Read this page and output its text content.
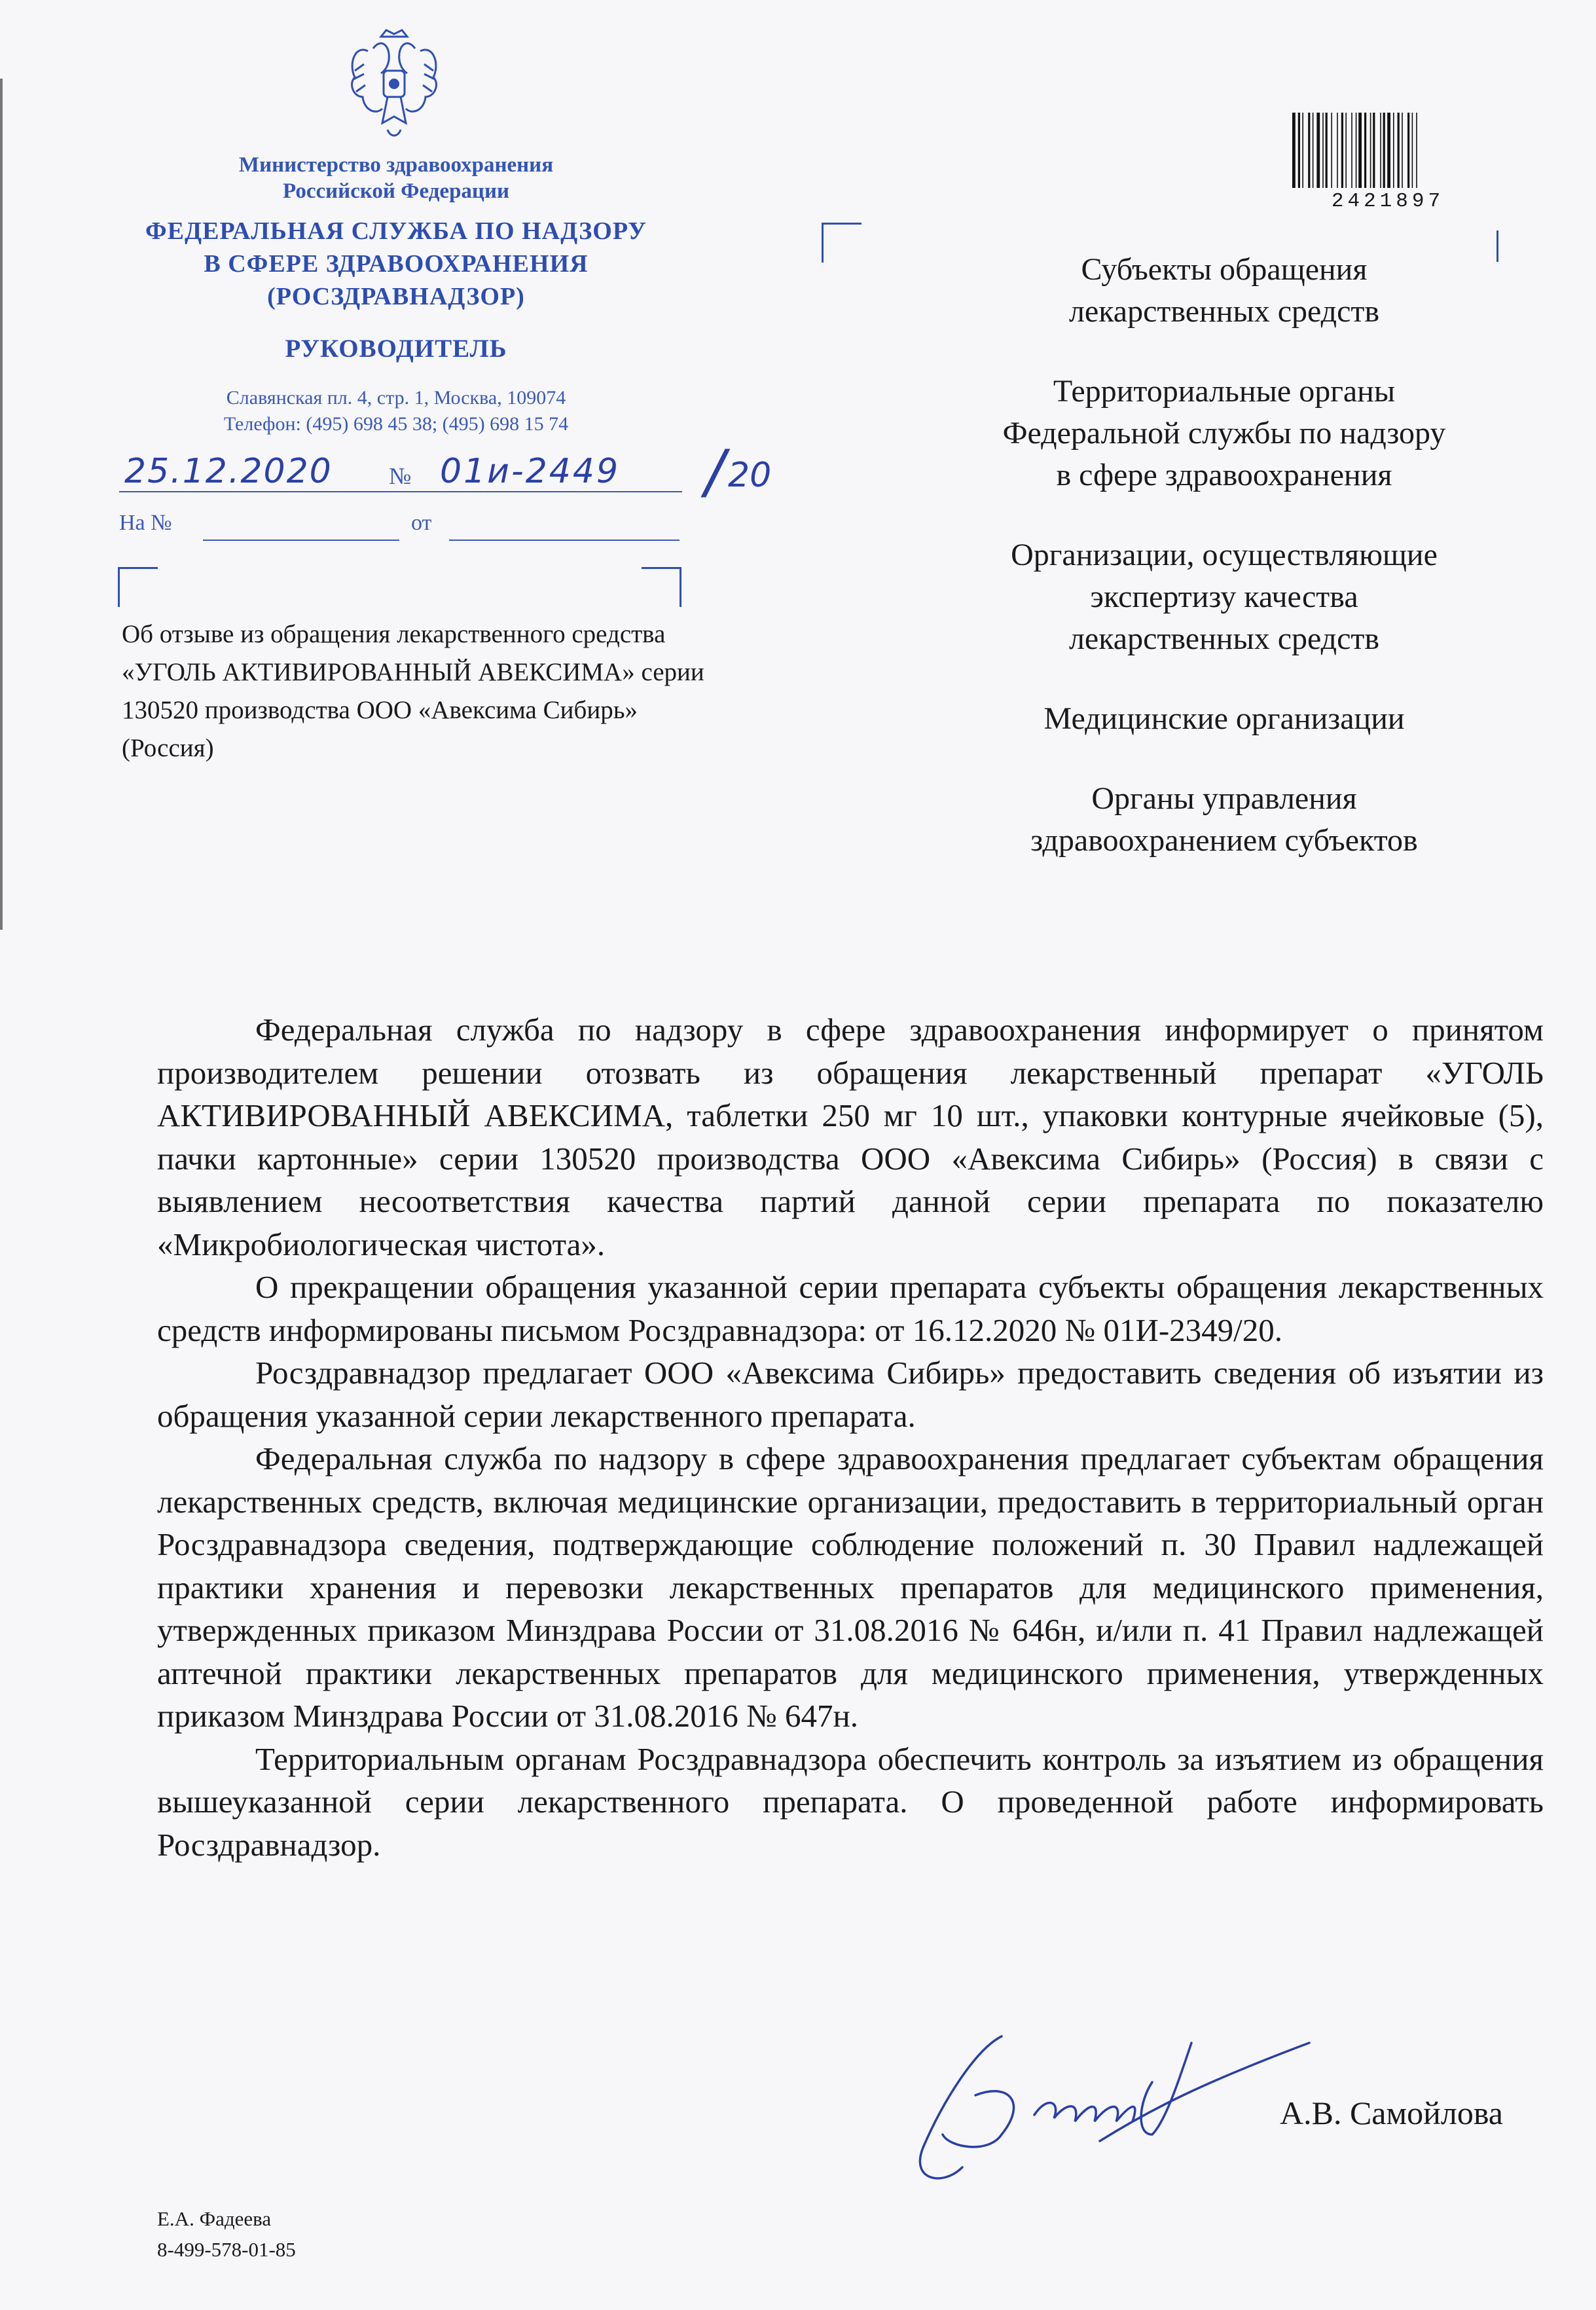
Министерство здравоохранения
Российской Федерации
ФЕДЕРАЛЬНАЯ СЛУЖБА ПО НАДЗОРУ
В СФЕРЕ ЗДРАВООХРАНЕНИЯ
(РОСЗДРАВНАДЗОР)
РУКОВОДИТЕЛЬ
Славянская пл. 4, стр. 1, Москва, 109074
Телефон: (495) 698 45 38; (495) 698 15 74
25.12.2020 № 01и-2449 / 20
На №	от
Об отзыве из обращения лекарственного средства «УГОЛЬ АКТИВИРОВАННЫЙ АВЕКСИМА» серии 130520 производства ООО «Авексима Сибирь» (Россия)
2421897

Субъекты обращения
лекарственных средств

Территориальные органы
Федеральной службы по надзору
в сфере здравоохранения

Организации, осуществляющие
экспертизу качества
лекарственных средств

Медицинские организации

Органы управления
здравоохранением субъектов

Федеральная служба по надзору в сфере здравоохранения информирует о принятом производителем решении отозвать из обращения лекарственный препарат «УГОЛЬ АКТИВИРОВАННЫЙ АВЕКСИМА, таблетки 250 мг 10 шт., упаковки контурные ячейковые (5), пачки картонные» серии 130520 производства ООО «Авексима Сибирь» (Россия) в связи с выявлением несоответствия качества партий данной серии препарата по показателю «Микробиологическая чистота».

О прекращении обращения указанной серии препарата субъекты обращения лекарственных средств информированы письмом Росздравнадзора: от 16.12.2020 № 01И-2349/20.

Росздравнадзор предлагает ООО «Авексима Сибирь» предоставить сведения об изъятии из обращения указанной серии лекарственного препарата.

Федеральная служба по надзору в сфере здравоохранения предлагает субъектам обращения лекарственных средств, включая медицинские организации, предоставить в территориальный орган Росздравнадзора сведения, подтверждающие соблюдение положений п. 30 Правил надлежащей практики хранения и перевозки лекарственных препаратов для медицинского применения, утвержденных приказом Минздрава России от 31.08.2016 № 646н, и/или п. 41 Правил надлежащей аптечной практики лекарственных препаратов для медицинского применения, утвержденных приказом Минздрава России от 31.08.2016 № 647н.

Территориальным органам Росздравнадзора обеспечить контроль за изъятием из обращения вышеуказанной серии лекарственного препарата. О проведенной работе информировать Росздравнадзор.

А.В. Самойлова
Е.А. Фадеева
8-499-578-01-85
